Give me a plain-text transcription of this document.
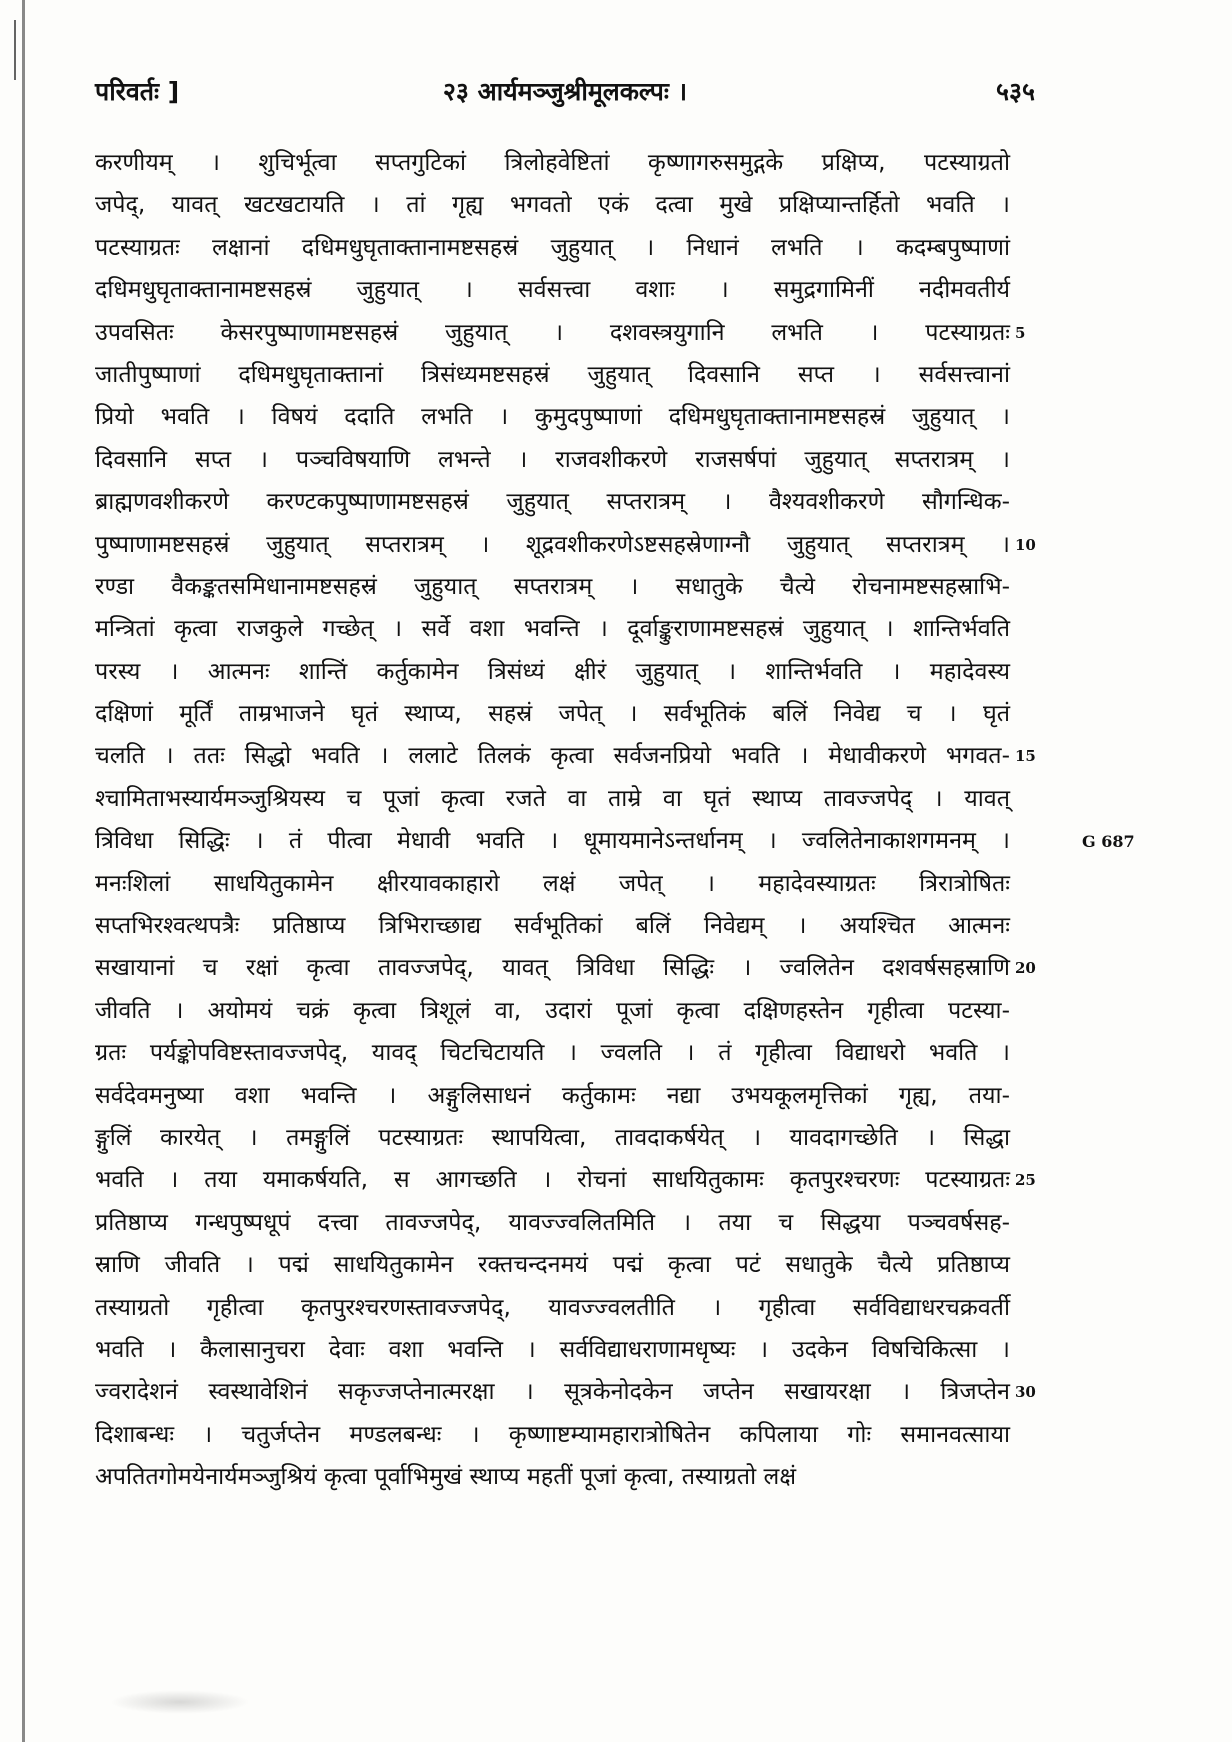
परिवर्तः ]	२३ आर्यमञ्जुश्रीमूलकल्पः ।	५३५
करणीयम् । शुचिर्भूत्वा सप्तगुटिकां त्रिलोहवेष्टितां कृष्णागरुसमुद्गके प्रक्षिप्य, पटस्याग्रतो
जपेद्, यावत् खटखटायति । तां गृह्य भगवतो एकं दत्वा मुखे प्रक्षिप्यान्तर्हितो भवति ।
पटस्याग्रतः लक्षानां दधिमधुघृताक्तानामष्टसहस्रं जुहुयात् । निधानं लभति । कदम्बपुष्पाणां
दधिमधुघृताक्तानामष्टसहस्रं जुहुयात् । सर्वसत्त्वा वशाः । समुद्रगामिनीं नदीमवतीर्य
उपवसितः केसरपुष्पाणामष्टसहस्रं जुहुयात् । दशवस्त्रयुगानि लभति । पटस्याग्रतः 5
जातीपुष्पाणां दधिमधुघृताक्तानां त्रिसंध्यमष्टसहस्रं जुहुयात् दिवसानि सप्त । सर्वसत्त्वानां
प्रियो भवति । विषयं ददाति लभति । कुमुदपुष्पाणां दधिमधुघृताक्तानामष्टसहस्रं जुहुयात् ।
दिवसानि सप्त । पञ्चविषयाणि लभन्ते । राजवशीकरणे राजसर्षपां जुहुयात् सप्तरात्रम् ।
ब्राह्मणवशीकरणे करण्टकपुष्पाणामष्टसहस्रं जुहुयात् सप्तरात्रम् । वैश्यवशीकरणे सौगन्धिक-
पुष्पाणामष्टसहस्रं जुहुयात् सप्तरात्रम् । शूद्रवशीकरणेऽष्टसहस्रेणाग्नौ जुहुयात् सप्तरात्रम् । 10
रण्डा वैकङ्कतसमिधानामष्टसहस्रं जुहुयात् सप्तरात्रम् । सधातुके चैत्ये रोचनामष्टसहस्राभि-
मन्त्रितां कृत्वा राजकुले गच्छेत् । सर्वे वशा भवन्ति । दूर्वाङ्कुराणामष्टसहस्रं जुहुयात् । शान्तिर्भवति
परस्य । आत्मनः शान्तिं कर्तुकामेन त्रिसंध्यं क्षीरं जुहुयात् । शान्तिर्भवति । महादेवस्य
दक्षिणां मूर्तिं ताम्रभाजने घृतं स्थाप्य, सहस्रं जपेत् । सर्वभूतिकं बलिं निवेद्य च । घृतं
चलति । ततः सिद्धो भवति । ललाटे तिलकं कृत्वा सर्वजनप्रियो भवति । मेधावीकरणे भगवत- 15
श्चामिताभस्यार्यमञ्जुश्रियस्य च पूजां कृत्वा रजते वा ताम्रे वा घृतं स्थाप्य तावज्जपेद् । यावत्
त्रिविधा सिद्धिः । तं पीत्वा मेधावी भवति । धूमायमानेऽन्तर्धानम् । ज्वलितेनाकाशगमनम् ।
मनःशिलां साधयितुकामेन क्षीरयावकाहारो लक्षं जपेत् । महादेवस्याग्रतः त्रिरात्रोषितः
सप्तभिरश्वत्थपत्रैः प्रतिष्ठाप्य त्रिभिराच्छाद्य सर्वभूतिकां बलिं निवेद्यम् । अयश्चित आत्मनः
सखायानां च रक्षां कृत्वा तावज्जपेद्, यावत् त्रिविधा सिद्धिः । ज्वलितेन दशवर्षसहस्राणि 20
जीवति । अयोमयं चक्रं कृत्वा त्रिशूलं वा, उदारां पूजां कृत्वा दक्षिणहस्तेन गृहीत्वा पटस्या-
ग्रतः पर्यङ्कोपविष्टस्तावज्जपेद्, यावद् चिटचिटायति । ज्वलति । तं गृहीत्वा विद्याधरो भवति ।
सर्वदेवमनुष्या वशा भवन्ति । अङ्गुलिसाधनं कर्तुकामः नद्या उभयकूलमृत्तिकां गृह्य, तया-
ङ्गुलिं कारयेत् । तमङ्गुलिं पटस्याग्रतः स्थापयित्वा, तावदाकर्षयेत् । यावदागच्छेति । सिद्धा
भवति । तया यमाकर्षयति, स आगच्छति । रोचनां साधयितुकामः कृतपुरश्चरणः पटस्याग्रतः 25
प्रतिष्ठाप्य गन्धपुष्पधूपं दत्त्वा तावज्जपेद्, यावज्ज्वलितमिति । तया च सिद्धया पञ्चवर्षसह-
स्राणि जीवति । पद्मं साधयितुकामेन रक्तचन्दनमयं पद्मं कृत्वा पटं सधातुके चैत्ये प्रतिष्ठाप्य
तस्याग्रतो गृहीत्वा कृतपुरश्चरणस्तावज्जपेद्, यावज्ज्वलतीति । गृहीत्वा सर्वविद्याधरचक्रवर्ती
भवति । कैलासानुचरा देवाः वशा भवन्ति । सर्वविद्याधराणामधृष्यः । उदकेन विषचिकित्सा ।
ज्वरादेशनं स्वस्थावेशिनं सकृज्जप्तेनात्मरक्षा । सूत्रकेनोदकेन जप्तेन सखायरक्षा । त्रिजप्तेन 30
दिशाबन्धः । चतुर्जप्तेन मण्डलबन्धः । कृष्णाष्टम्यामहारात्रोषितेन कपिलाया गोः समानवत्साया
अपतितगोमयेनार्यमञ्जुश्रियं कृत्वा पूर्वाभिमुखं स्थाप्य महतीं पूजां कृत्वा, तस्याग्रतो लक्षं
G 687
